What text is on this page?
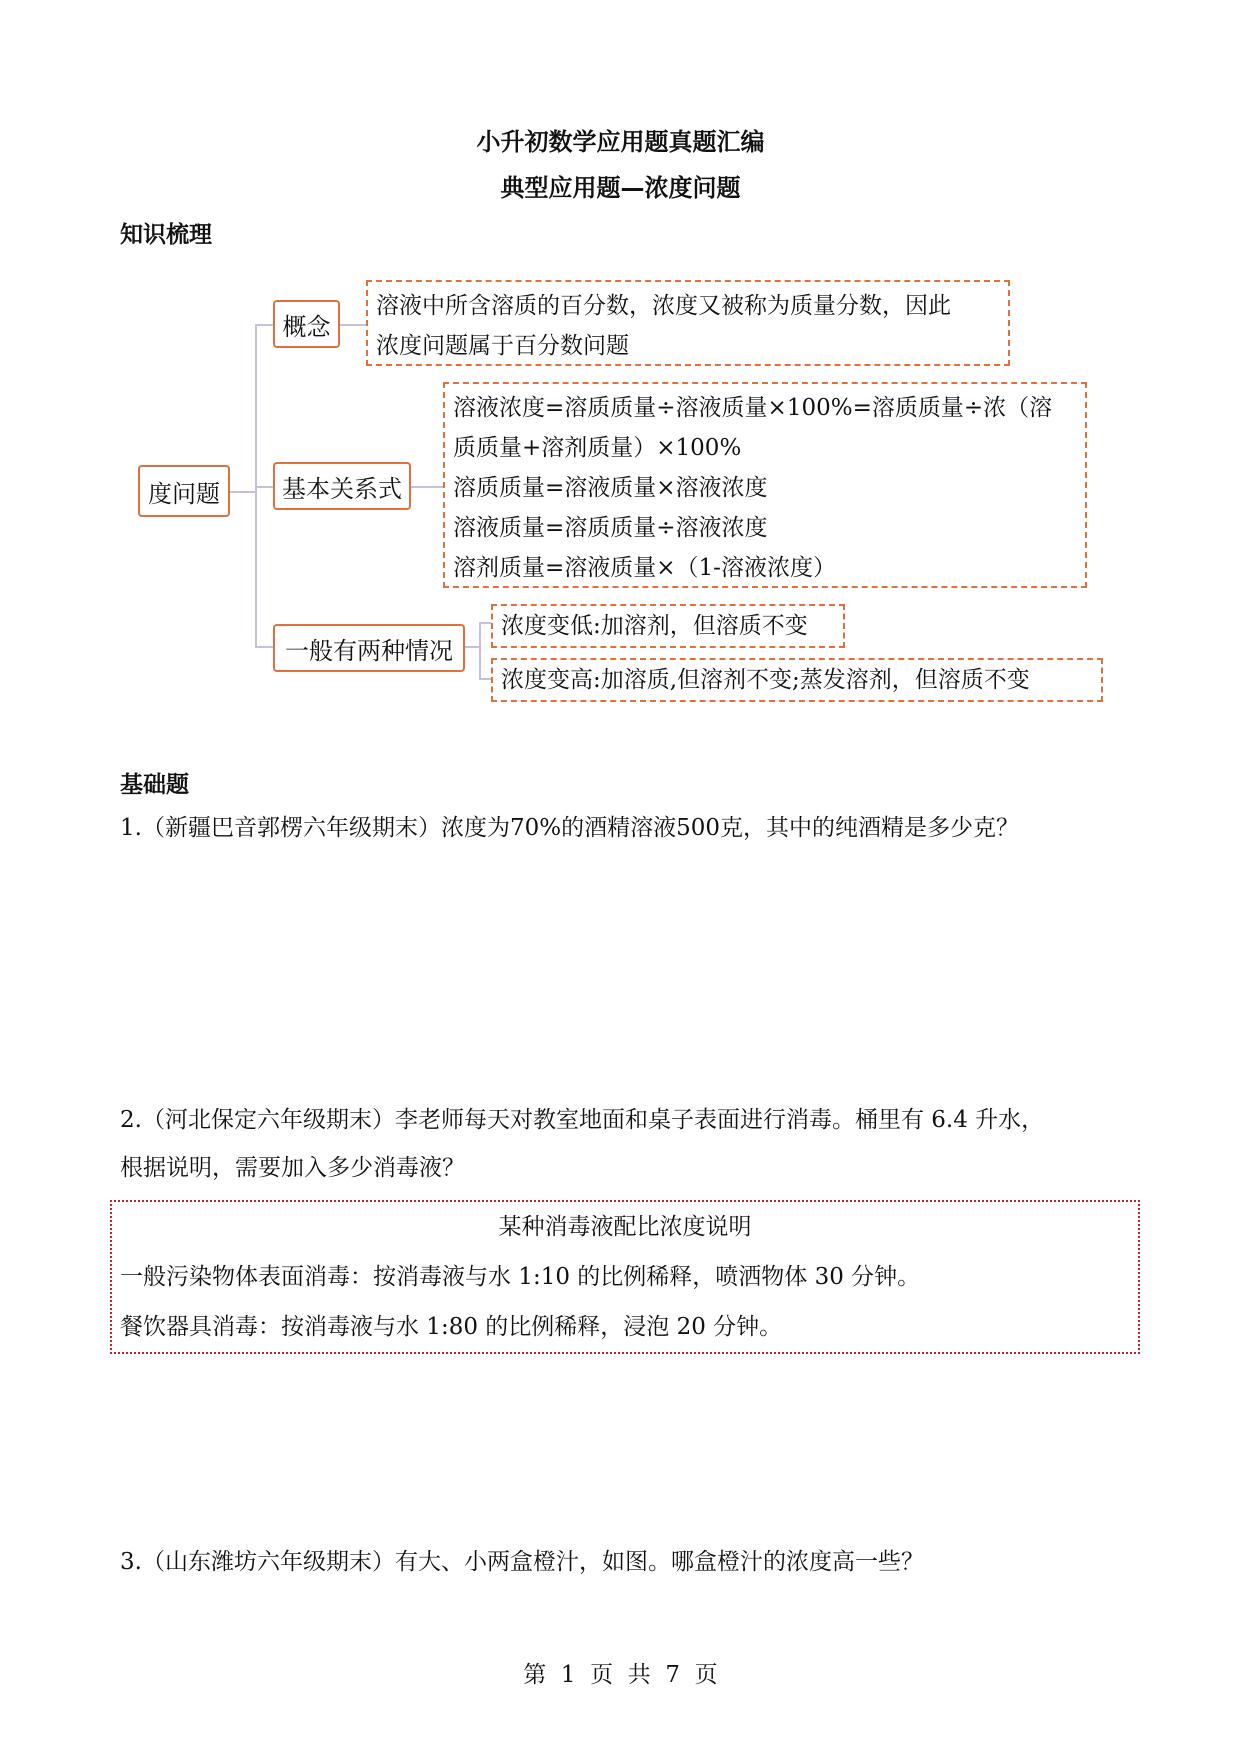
小升初数学应用题真题汇编
典型应用题—浓度问题
知识梳理
度问题
概念
基本关系式
一般有两种情况
溶液中所含溶质的百分数，浓度又被称为质量分数，因此
浓度问题属于百分数问题
溶液浓度=溶质质量÷溶液质量×100%=溶质质量÷浓（溶
质质量+溶剂质量）×100%
溶质质量=溶液质量×溶液浓度
溶液质量=溶质质量÷溶液浓度
溶剂质量=溶液质量×（1-溶液浓度）
浓度变低:加溶剂，但溶质不变
浓度变高:加溶质,但溶剂不变;蒸发溶剂，但溶质不变
基础题
1.（新疆巴音郭楞六年级期末）浓度为70%的酒精溶液500克，其中的纯酒精是多少克？
2.（河北保定六年级期末）李老师每天对教室地面和桌子表面进行消毒。桶里有 6.4 升水，
根据说明，需要加入多少消毒液？
某种消毒液配比浓度说明
一般污染物体表面消毒：按消毒液与水 1:10 的比例稀释，喷洒物体 30 分钟。
餐饮器具消毒：按消毒液与水 1:80 的比例稀释，浸泡 20 分钟。
3.（山东潍坊六年级期末）有大、小两盒橙汁，如图。哪盒橙汁的浓度高一些？
第  1  页  共  7  页
